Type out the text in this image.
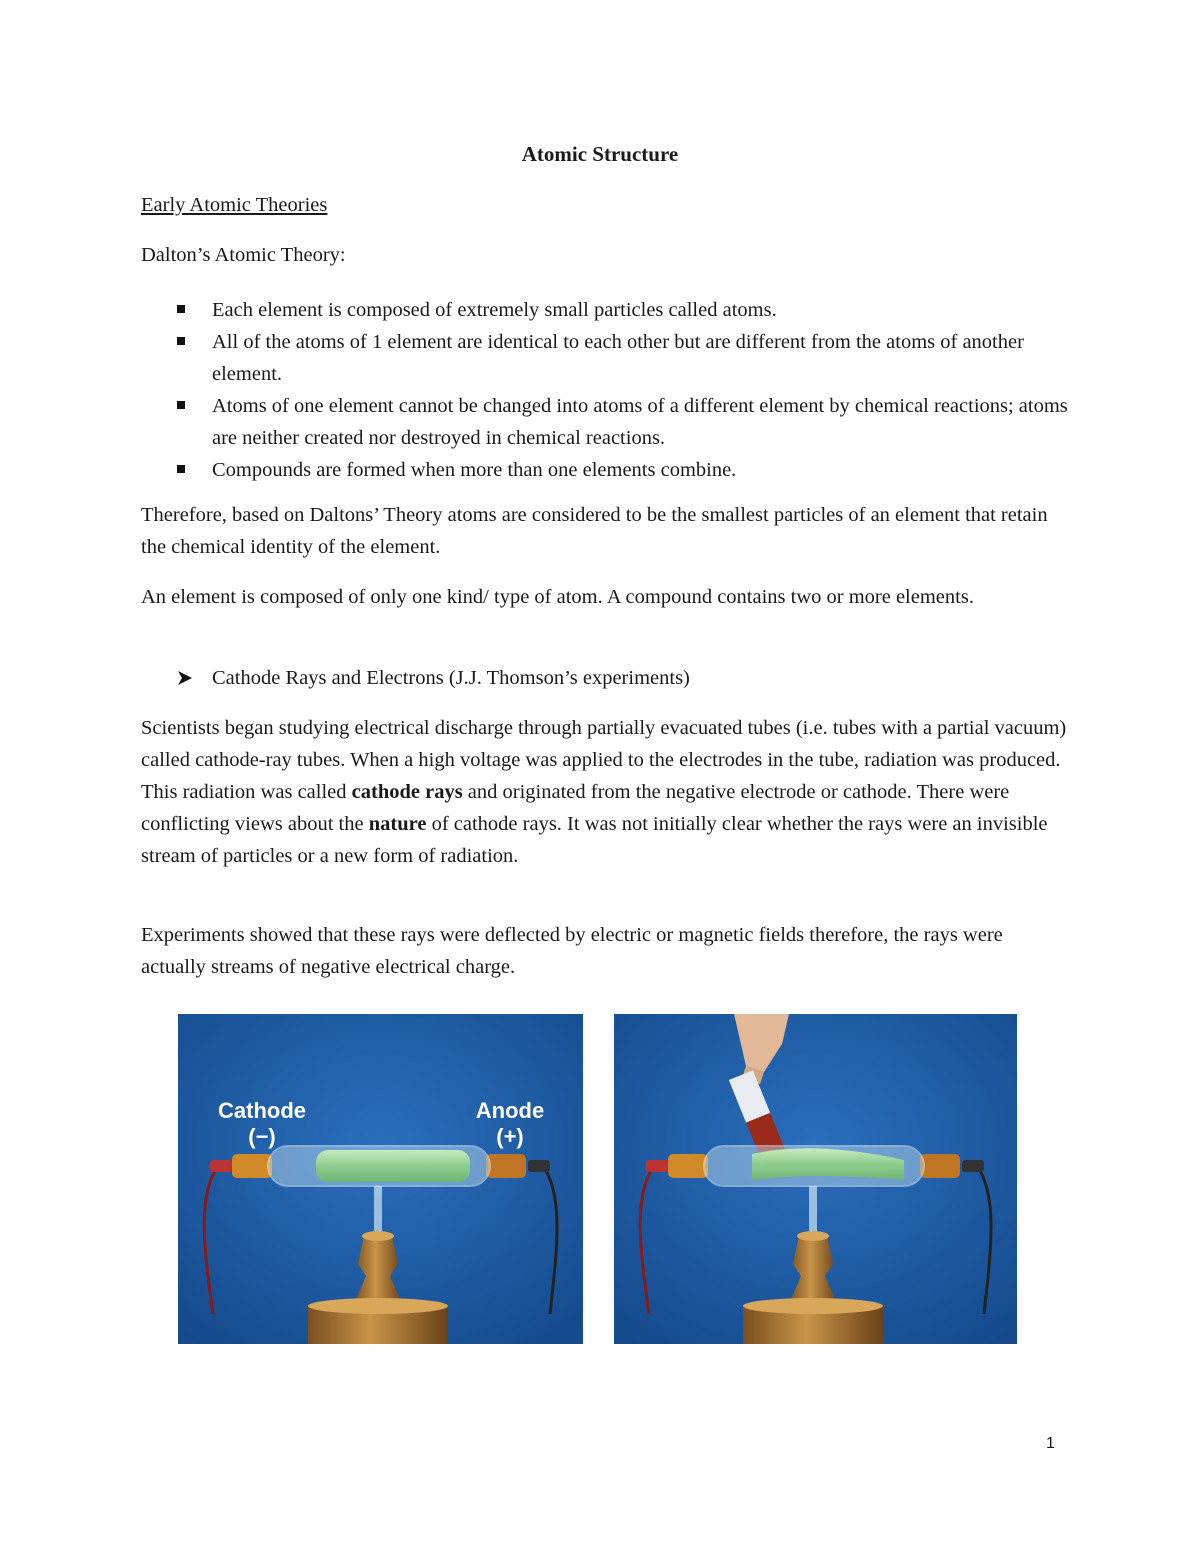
Atomic Structure
Early Atomic Theories
Dalton’s Atomic Theory:
Each element is composed of extremely small particles called atoms.
All of the atoms of 1 element are identical to each other but are different from the atoms of another element.
Atoms of one element cannot be changed into atoms of a different element by chemical reactions; atoms are neither created nor destroyed in chemical reactions.
Compounds are formed when more than one elements combine.
Therefore, based on Daltons’ Theory atoms are considered to be the smallest particles of an element that retain the chemical identity of the element.
An element is composed of only one kind/ type of atom. A compound contains two or more elements.
Cathode Rays and Electrons (J.J. Thomson’s experiments)
Scientists began studying electrical discharge through partially evacuated tubes (i.e. tubes with a partial vacuum) called cathode-ray tubes. When a high voltage was applied to the electrodes in the tube, radiation was produced. This radiation was called cathode rays and originated from the negative electrode or cathode. There were conflicting views about the nature of cathode rays. It was not initially clear whether the rays were an invisible stream of particles or a new form of radiation.
Experiments showed that these rays were deflected by electric or magnetic fields therefore, the rays were actually streams of negative electrical charge.
Cathode
(−)
Anode
(+)
1
